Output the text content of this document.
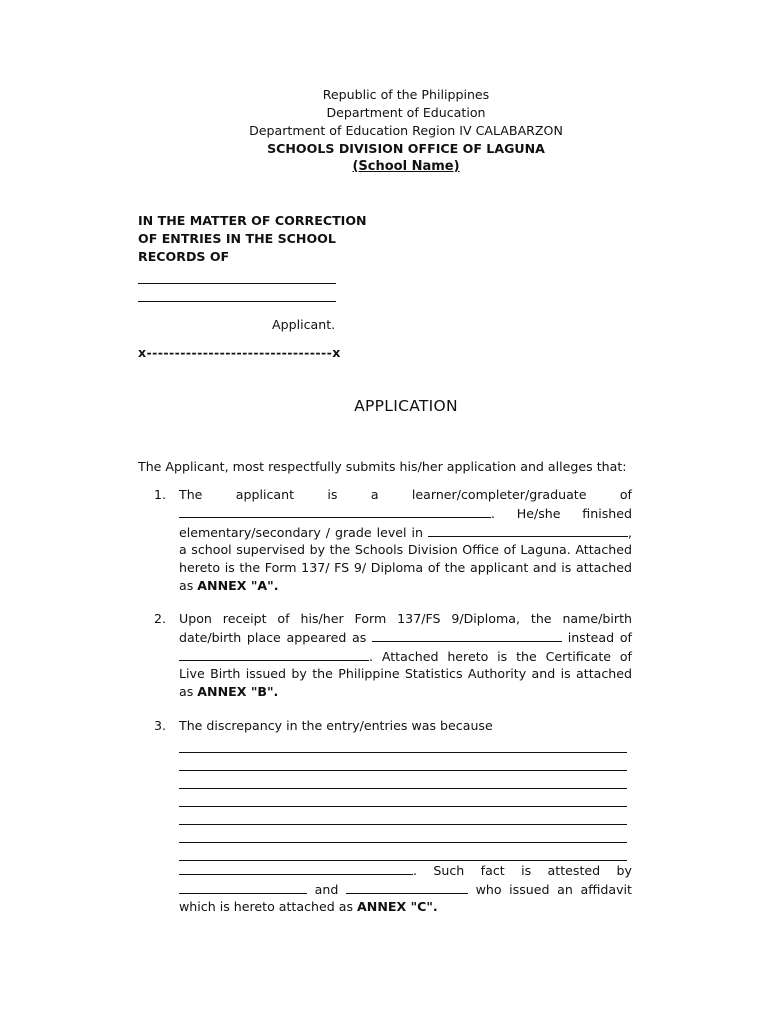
Republic of the Philippines
Department of Education
Department of Education Region IV CALABARZON
SCHOOLS DIVISION OFFICE OF LAGUNA
(School Name)
IN THE MATTER OF CORRECTION
OF ENTRIES IN THE SCHOOL
RECORDS OF
Applicant.
x---------------------------------x
APPLICATION
The Applicant, most respectfully submits his/her application and alleges that:
1.	The applicant is a learner/completer/graduate of . He/she finished elementary/secondary / grade level in	, a school supervised by the Schools Division Office of Laguna. Attached hereto is the Form 137/ FS 9/ Diploma of the applicant and is attached as ANNEX "A".
2.	Upon receipt of his/her Form 137/FS 9/Diploma, the name/birth date/birth place appeared as	instead of . Attached hereto is the Certificate of Live Birth issued by the Philippine Statistics Authority and is attached as ANNEX "B".
3.	The discrepancy in the entry/entries was because
. Such fact is attested by  and	who issued an affidavit which is hereto attached as ANNEX "C".
